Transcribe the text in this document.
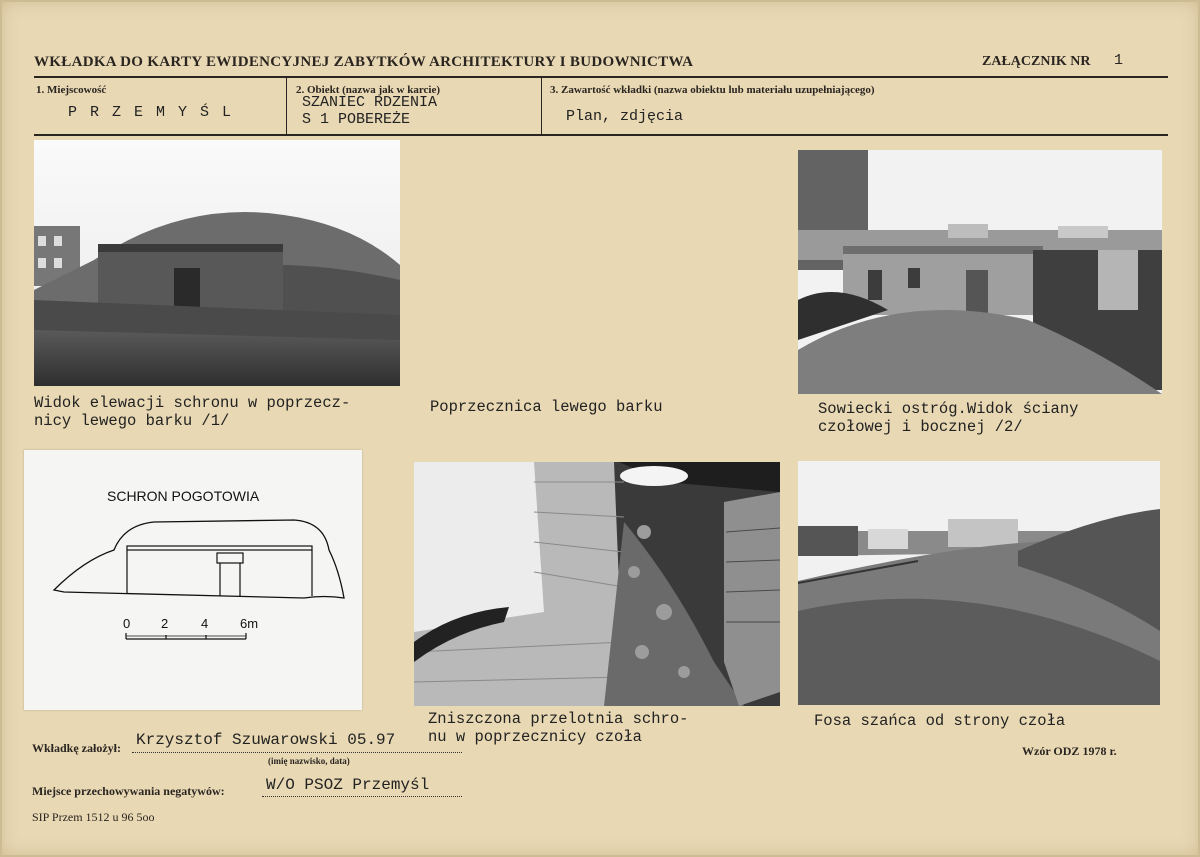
WKŁADKA DO KARTY EWIDENCYJNEJ ZABYTKÓW ARCHITEKTURY I BUDOWNICTWA	ZAŁĄCZNIK NR 1
1. Miejscowość
P R Z E M Y Ś L
2. Obiekt (nazwa jak w karcie)
SZANIEC RDZENIA
S 1 POBEREŻE
3. Zawartość wkładki (nazwa obiektu lub materiału uzupełniającego)
Plan, zdjęcia
Widok elewacji schronu w poprzecz-
nicy lewego barku /1/
Poprzecznica lewego barku	Sowiecki ostróg.Widok ściany
czołowej i bocznej /2/
SCHRON POGOTOWIA
0 2	4 6m
Zniszczona przelotnia schro-
nu w poprzecznicy czoła
Fosa szańca od strony czoła
Wkładkę założył: Krzysztof Szuwarowski 05.97
(imię nazwisko, data)
Wzór ODZ 1978 r.
Miejsce przechowywania negatywów:	W/O PSOZ Przemyśl
SIP Przem 1512 u 96 5oo
